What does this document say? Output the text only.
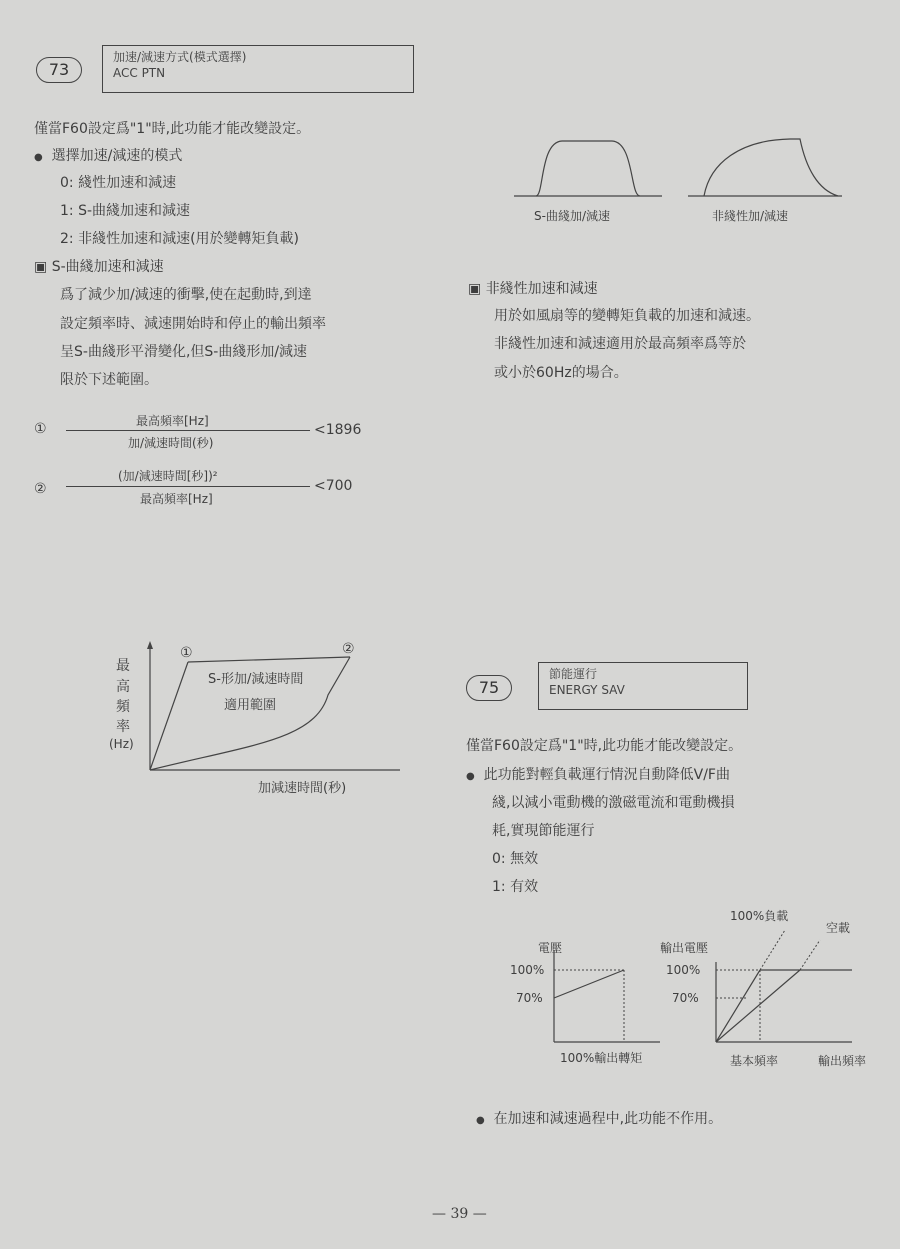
73
加速/減速方式(模式選擇)
ACC PTN
僅當F60設定爲"1"時,此功能才能改變設定。
● 選擇加速/減速的模式
0: 綫性加速和減速
1: S-曲綫加速和減速
2: 非綫性加速和減速(用於變轉矩負載)
▣ S-曲綫加速和減速
爲了減少加/減速的衝擊,使在起動時,到達
設定頻率時、減速開始時和停止的輸出頻率
呈S-曲綫形平滑變化,但S-曲綫形加/減速
限於下述範圍。
①	最高頻率[Hz]
加/減速時間(秒)
<1896
②
(加/減速時間[秒])²
最高頻率[Hz]
<700
最
高
頻
率
(Hz)
①	②
S-形加/減速時間
適用範圍
加減速時間(秒)
S-曲綫加/減速	非綫性加/減速
▣ 非綫性加速和減速
用於如風扇等的變轉矩負載的加速和減速。
非綫性加速和減速適用於最高頻率爲等於
或小於60Hz的場合。
75
節能運行
ENERGY SAV
僅當F60設定爲"1"時,此功能才能改變設定。
● 此功能對輕負載運行情況自動降低V/F曲
綫,以減小電動機的激磁電流和電動機損
耗,實現節能運行
0: 無效
1: 有效
電壓
100%
70%
100%輸出轉矩
輸出電壓
100%
70%
100%負載
空載
基本頻率	輸出頻率
● 在加速和減速過程中,此功能不作用。
— 39 —
